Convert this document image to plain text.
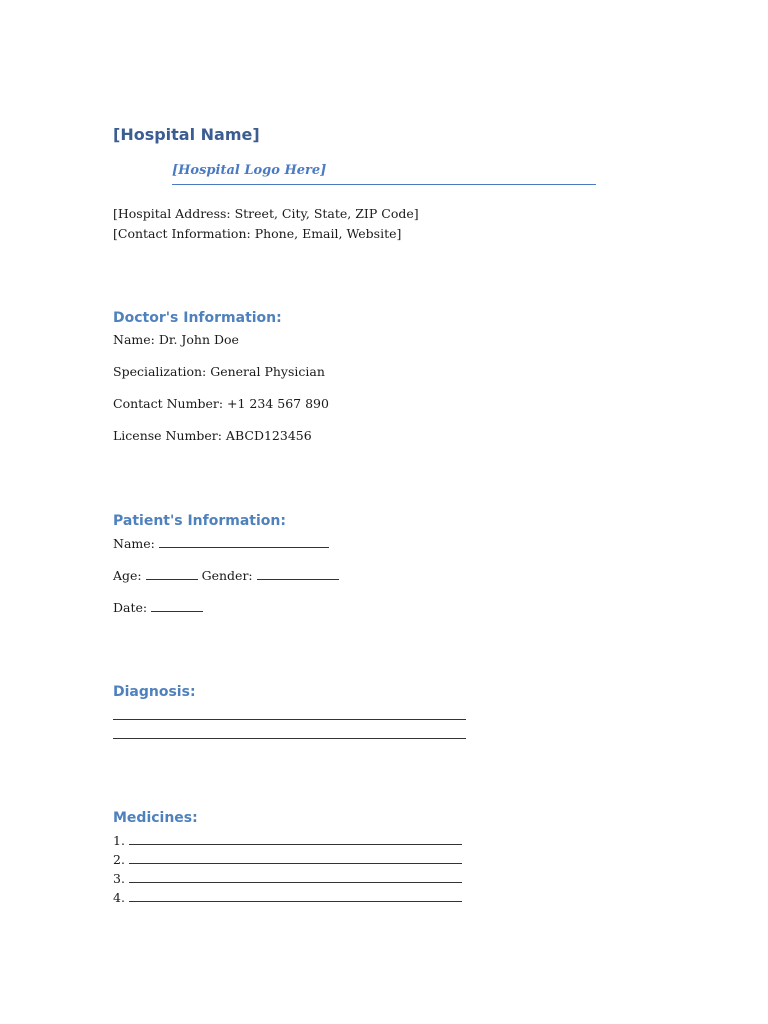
[Hospital Name]
[Hospital Logo Here]
[Hospital Address: Street, City, State, ZIP Code]
[Contact Information: Phone, Email, Website]
Doctor's Information:
Name: Dr. John Doe
Specialization: General Physician
Contact Number: +1 234 567 890
License Number: ABCD123456
Patient's Information:
Name:
Age:	Gender:
Date:
Diagnosis:
Medicines:
1.
2.
3.
4.
